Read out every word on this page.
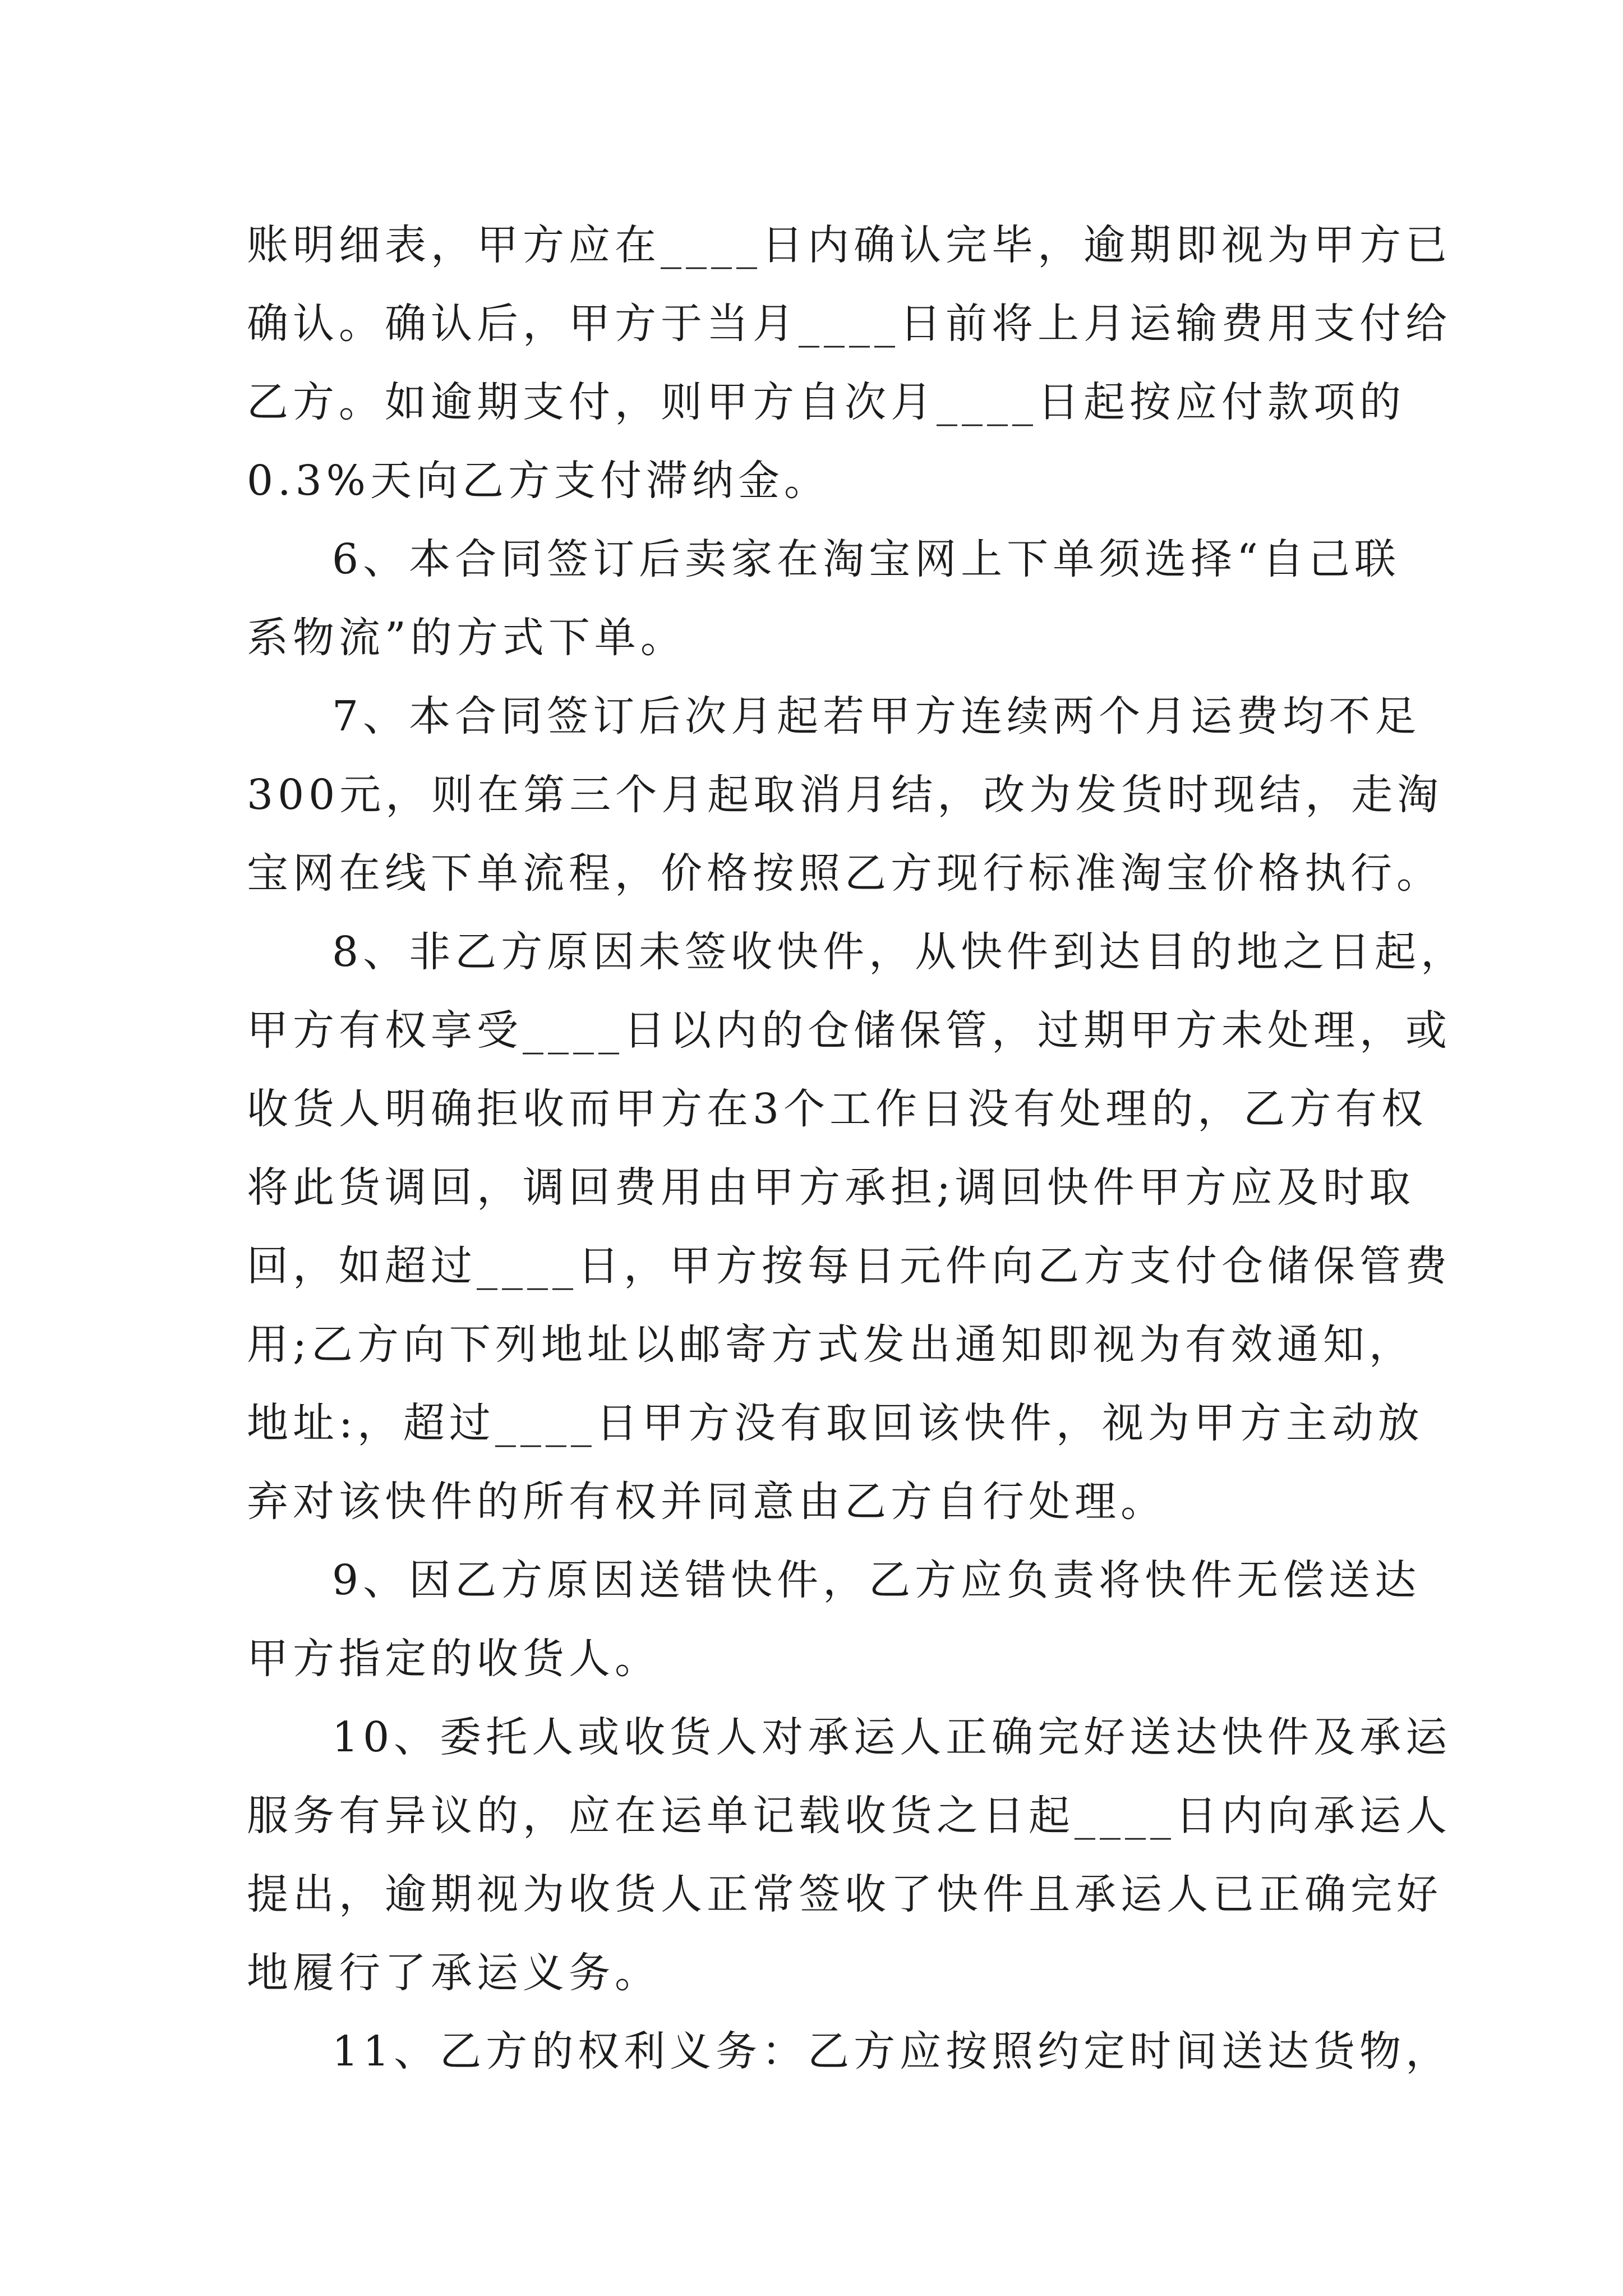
账明细表，甲方应在____日内确认完毕，逾期即视为甲方已
确认。确认后，甲方于当月____日前将上月运输费用支付给
乙方。如逾期支付，则甲方自次月____日起按应付款项的
0.3%天向乙方支付滞纳金。
6、本合同签订后卖家在淘宝网上下单须选择“自己联
系物流”的方式下单。
7、本合同签订后次月起若甲方连续两个月运费均不足
300元，则在第三个月起取消月结，改为发货时现结，走淘
宝网在线下单流程，价格按照乙方现行标准淘宝价格执行。
8、非乙方原因未签收快件，从快件到达目的地之日起，
甲方有权享受____日以内的仓储保管，过期甲方未处理，或
收货人明确拒收而甲方在3个工作日没有处理的，乙方有权
将此货调回，调回费用由甲方承担;调回快件甲方应及时取
回，如超过____日，甲方按每日元件向乙方支付仓储保管费
用;乙方向下列地址以邮寄方式发出通知即视为有效通知，
地址:，超过____日甲方没有取回该快件，视为甲方主动放
弃对该快件的所有权并同意由乙方自行处理。
9、因乙方原因送错快件，乙方应负责将快件无偿送达
甲方指定的收货人。
10、委托人或收货人对承运人正确完好送达快件及承运
服务有异议的，应在运单记载收货之日起____日内向承运人
提出，逾期视为收货人正常签收了快件且承运人已正确完好
地履行了承运义务。
11、乙方的权利义务：乙方应按照约定时间送达货物，
